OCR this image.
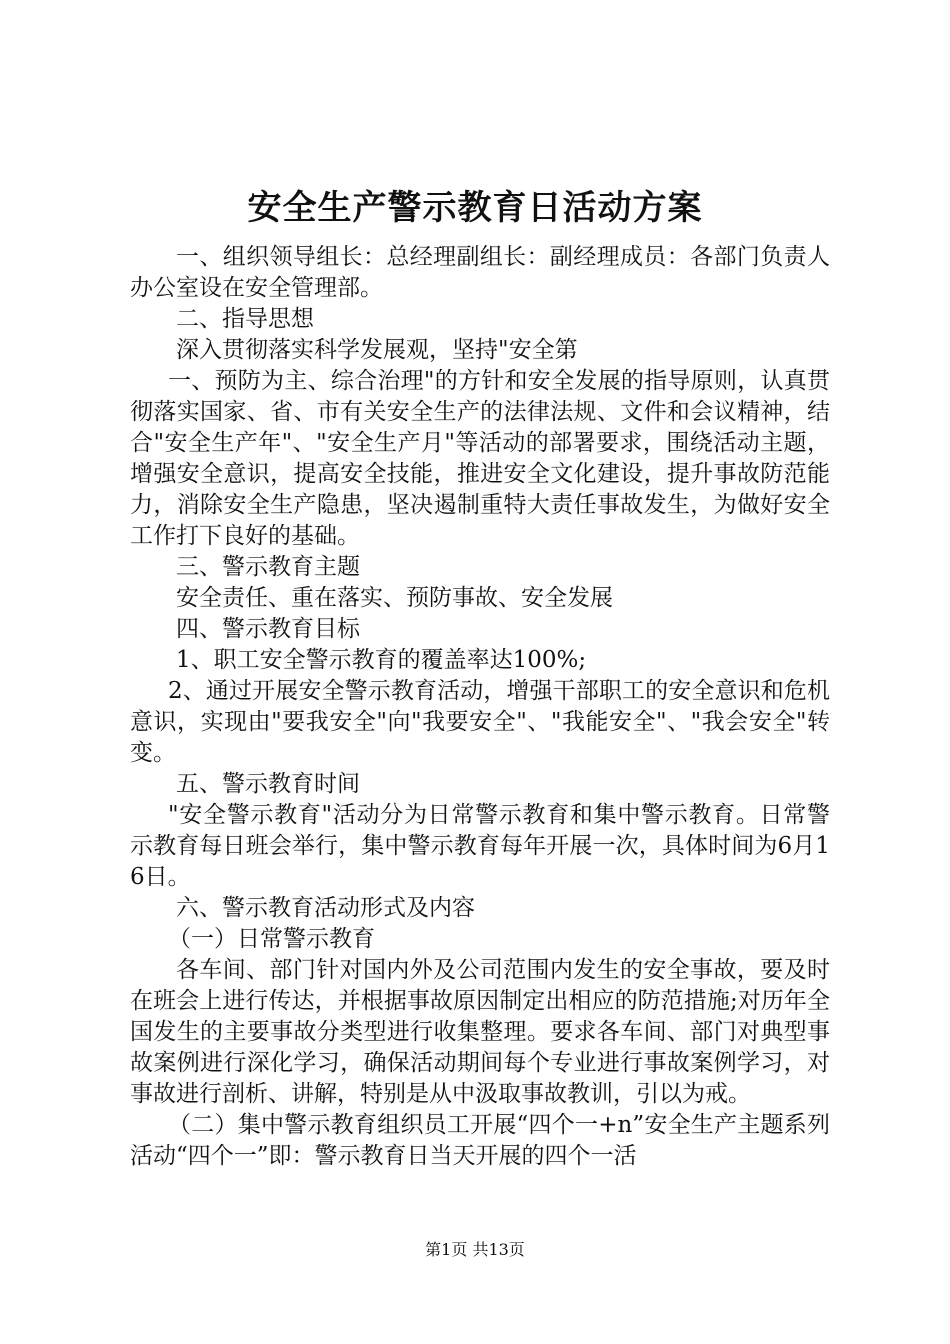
安全生产警示教育日活动方案

一、组织领导组长：总经理副组长：副经理成员：各部门负责人办公室设在安全管理部。

二、指导思想

深入贯彻落实科学发展观，坚持"安全第

一、预防为主、综合治理"的方针和安全发展的指导原则，认真贯彻落实国家、省、市有关安全生产的法律法规、文件和会议精神，结合"安全生产年"、"安全生产月"等活动的部署要求，围绕活动主题，增强安全意识，提高安全技能，推进安全文化建设，提升事故防范能力，消除安全生产隐患，坚决遏制重特大责任事故发生，为做好安全工作打下良好的基础。

三、警示教育主题

安全责任、重在落实、预防事故、安全发展

四、警示教育目标

1、职工安全警示教育的覆盖率达100%;

2、通过开展安全警示教育活动，增强干部职工的安全意识和危机意识，实现由"要我安全"向"我要安全"、"我能安全"、"我会安全"转变。

五、警示教育时间

"安全警示教育"活动分为日常警示教育和集中警示教育。日常警示教育每日班会举行，集中警示教育每年开展一次，具体时间为6月16日。

六、警示教育活动形式及内容

（一）日常警示教育

各车间、部门针对国内外及公司范围内发生的安全事故，要及时在班会上进行传达，并根据事故原因制定出相应的防范措施;对历年全国发生的主要事故分类型进行收集整理。要求各车间、部门对典型事故案例进行深化学习，确保活动期间每个专业进行事故案例学习，对事故进行剖析、讲解，特别是从中汲取事故教训，引以为戒。

（二）集中警示教育组织员工开展“四个一+n”安全生产主题系列活动“四个一”即：警示教育日当天开展的四个一活

第1页 共13页
